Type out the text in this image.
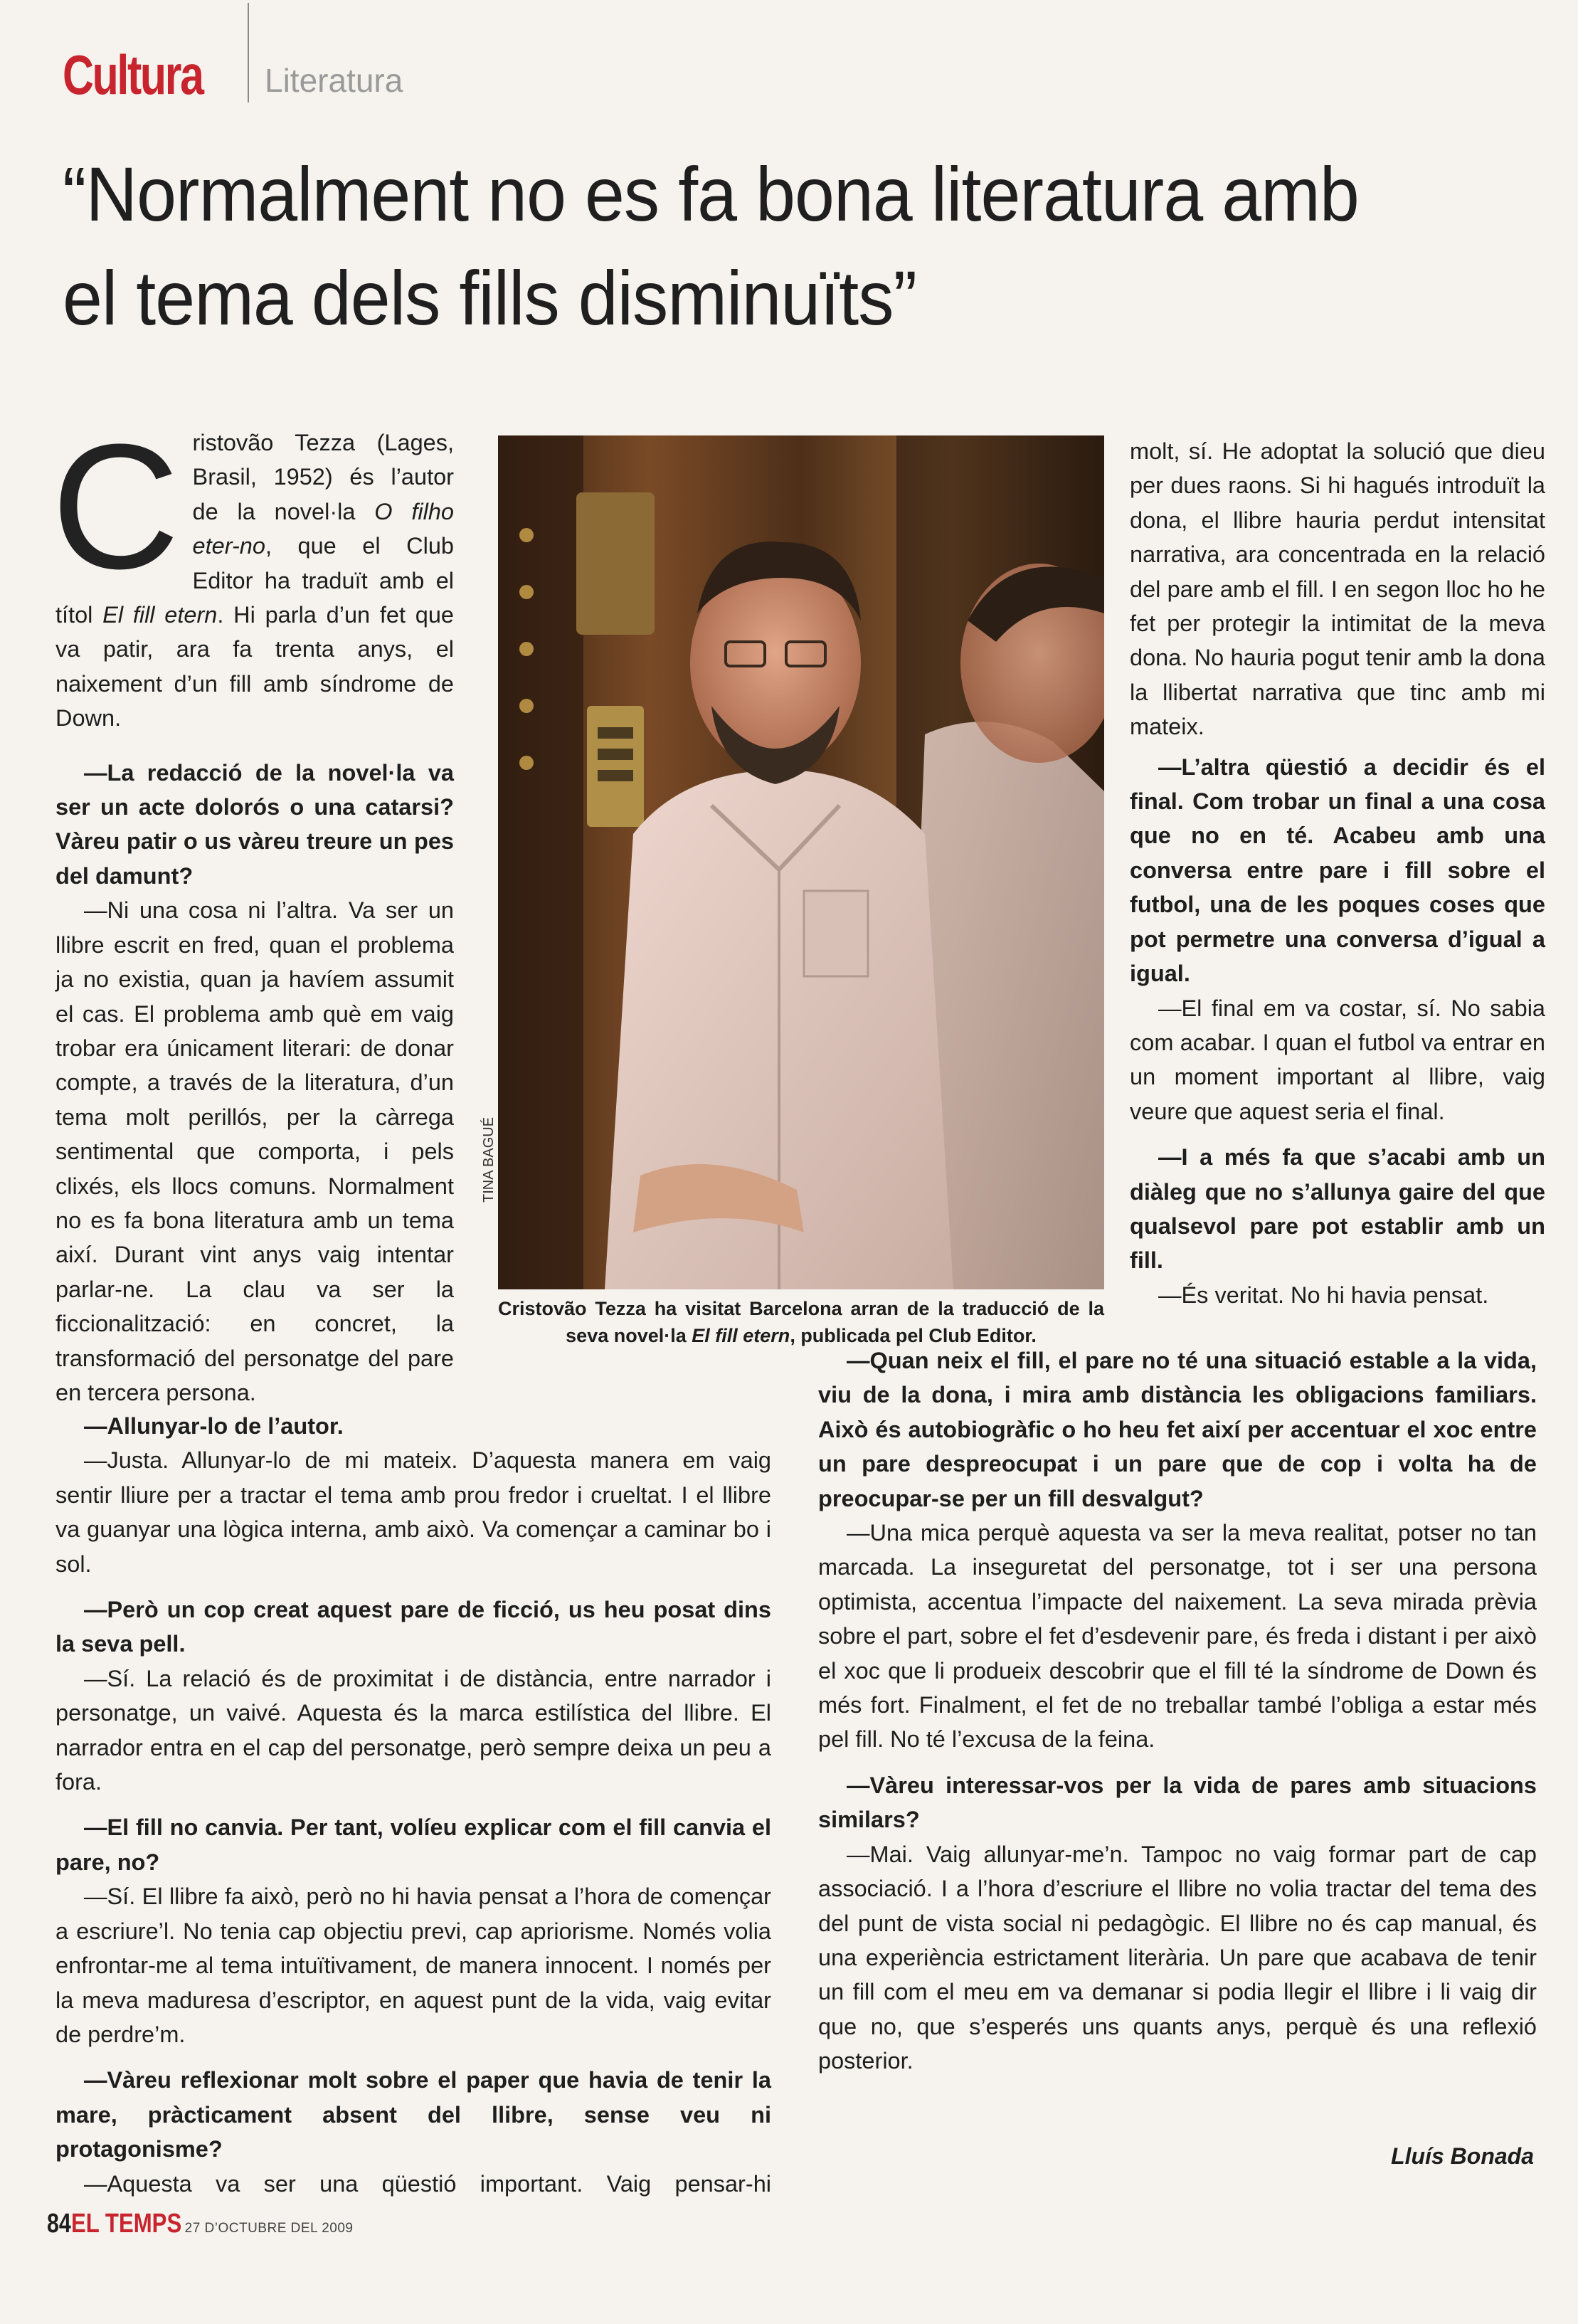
Cultura Literatura
“Normalment no es fa bona literatura amb el tema dels fills disminuïts”

Cristovão Tezza (Lages, Brasil, 1952) és l’autor de la novel·la O filho eter-no, que el Club Editor ha traduït amb el títol El fill etern. Hi parla d’un fet que va patir, ara fa trenta anys, el naixement d’un fill amb síndrome de Down.

—La redacció de la novel·la va ser un acte dolorós o una catarsi? Vàreu patir o us vàreu treure un pes del damunt?

—Ni una cosa ni l’altra. Va ser un llibre escrit en fred, quan el problema ja no existia, quan ja havíem assumit el cas. El problema amb què em vaig trobar era únicament literari: de donar compte, a través de la literatura, d’un tema molt perillós, per la càrrega sentimental que comporta, i pels clixés, els llocs comuns. Normalment no es fa bona literatura amb un tema així. Durant vint anys vaig intentar parlar-ne. La clau va ser la ficcionalització: en concret, la transformació del personatge del pare en tercera persona.

—Allunyar-lo de l’autor.

—Justa. Allunyar-lo de mi mateix. D’aquesta manera em vaig sentir lliure per a tractar el tema amb prou fredor i crueltat. I el llibre va guanyar una lògica interna, amb això. Va començar a caminar bo i sol.

—Però un cop creat aquest pare de ficció, us heu posat dins la seva pell.

—Sí. La relació és de proximitat i de distància, entre narrador i personatge, un vaivé. Aquesta és la marca estilística del llibre. El narrador entra en el cap del personatge, però sempre deixa un peu a fora.

—El fill no canvia. Per tant, volíeu explicar com el fill canvia el pare, no?

—Sí. El llibre fa això, però no hi havia pensat a l’hora de començar a escriure’l. No tenia cap objectiu previ, cap apriorisme. Només volia enfrontar-me al tema intuïtivament, de manera innocent. I només per la meva maduresa d’escriptor, en aquest punt de la vida, vaig evitar de perdre’m.

—Vàreu reflexionar molt sobre el paper que havia de tenir la mare, pràcticament absent del llibre, sense veu ni protagonisme?

—Aquesta va ser una qüestió important. Vaig pensar-hi

TINA BAGUÉ
Cristovão Tezza ha visitat Barcelona arran de la traducció de la seva novel·la El fill etern, publicada pel Club Editor.

molt, sí. He adoptat la solució que dieu per dues raons. Si hi hagués introduït la dona, el llibre hauria perdut intensitat narrativa, ara concentrada en la relació del pare amb el fill. I en segon lloc ho he fet per protegir la intimitat de la meva dona. No hauria pogut tenir amb la dona la llibertat narrativa que tinc amb mi mateix.

—L’altra qüestió a decidir és el final. Com trobar un final a una cosa que no en té. Acabeu amb una conversa entre pare i fill sobre el futbol, una de les poques coses que pot permetre una conversa d’igual a igual.

—El final em va costar, sí. No sabia com acabar. I quan el futbol va entrar en un moment important al llibre, vaig veure que aquest seria el final.

—I a més fa que s’acabi amb un diàleg que no s’allunya gaire del que qualsevol pare pot establir amb un fill.

—És veritat. No hi havia pensat.

—Quan neix el fill, el pare no té una situació estable a la vida, viu de la dona, i mira amb distància les obligacions familiars. Això és autobiogràfic o ho heu fet així per accentuar el xoc entre un pare despreocupat i un pare que de cop i volta ha de preocupar-se per un fill desvalgut?

—Una mica perquè aquesta va ser la meva realitat, potser no tan marcada. La inseguretat del personatge, tot i ser una persona optimista, accentua l’impacte del naixement. La seva mirada prèvia sobre el part, sobre el fet d’esdevenir pare, és freda i distant i per això el xoc que li produeix descobrir que el fill té la síndrome de Down és més fort. Finalment, el fet de no treballar també l’obliga a estar més pel fill. No té l’excusa de la feina.

—Vàreu interessar-vos per la vida de pares amb situacions similars?

—Mai. Vaig allunyar-me’n. Tampoc no vaig formar part de cap associació. I a l’hora d’escriure el llibre no volia tractar del tema des del punt de vista social ni pedagògic. El llibre no és cap manual, és una experiència estrictament literària. Un pare que acabava de tenir un fill com el meu em va demanar si podia llegir el llibre i li vaig dir que no, que s’esperés uns quants anys, perquè és una reflexió posterior.

Lluís Bonada
84 EL TEMPS 27 D’OCTUBRE DEL 2009
